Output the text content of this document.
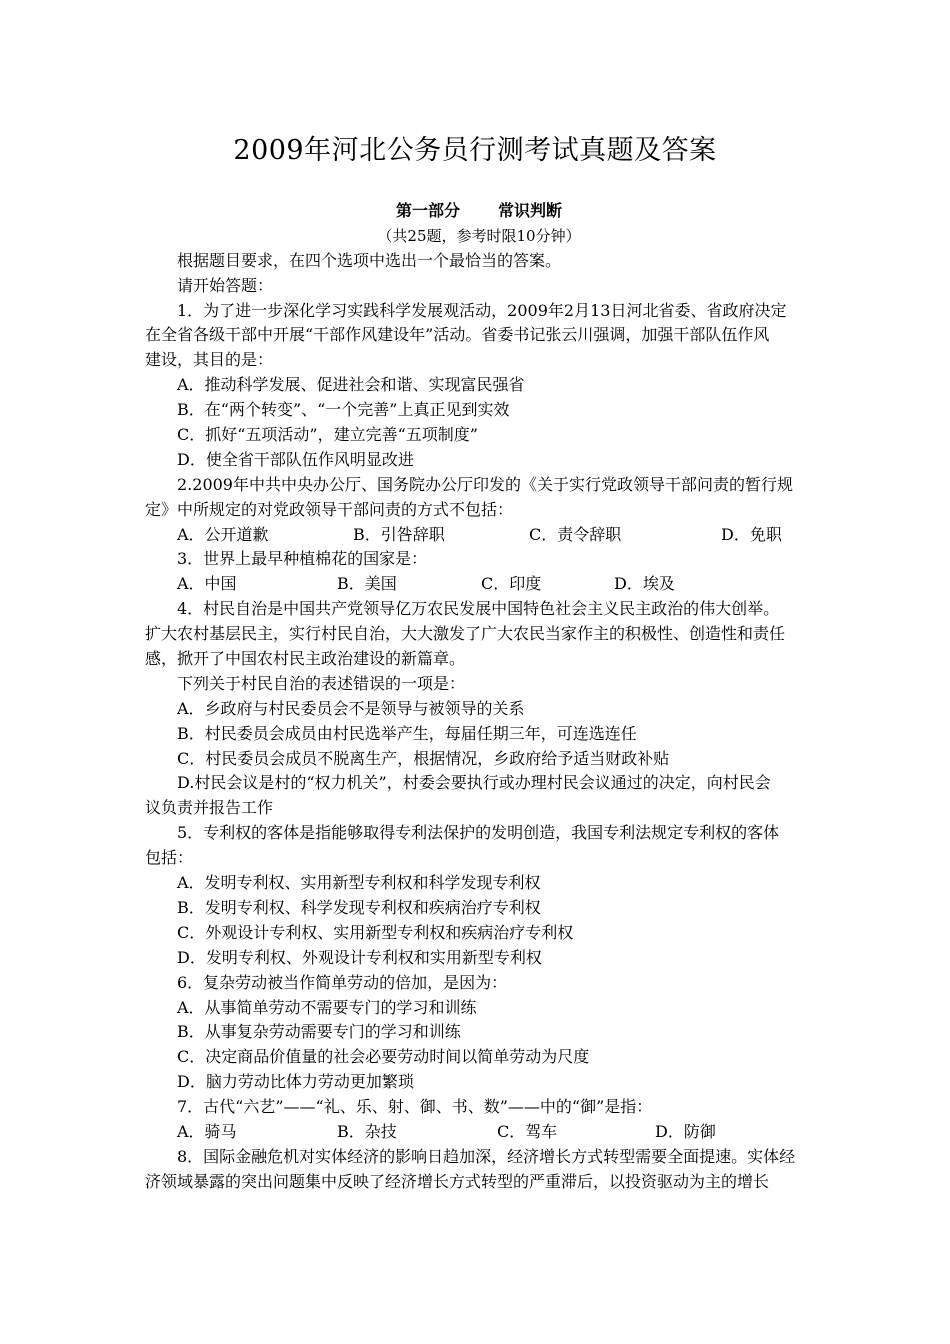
2009年河北公务员行测考试真题及答案
第一部分 常识判断
（共25题，参考时限10分钟）
根据题目要求，在四个选项中选出一个最恰当的答案。
请开始答题：
1．为了进一步深化学习实践科学发展观活动，2009年2月13日河北省委、省政府决定
在全省各级干部中开展“干部作风建设年”活动。省委书记张云川强调，加强干部队伍作风
建设，其目的是：
A．推动科学发展、促进社会和谐、实现富民强省
B．在“两个转变”、“一个完善”上真正见到实效
C．抓好“五项活动”，建立完善“五项制度”
D．使全省干部队伍作风明显改进
2.2009年中共中央办公厅、国务院办公厅印发的《关于实行党政领导干部问责的暂行规
定》中所规定的对党政领导干部问责的方式不包括：
A．公开道歉	B．引咎辞职	C．责令辞职	D．免职
3．世界上最早种植棉花的国家是：
A．中国	B．美国	C．印度	D．埃及
4．村民自治是中国共产党领导亿万农民发展中国特色社会主义民主政治的伟大创举。
扩大农村基层民主，实行村民自治，大大激发了广大农民当家作主的积极性、创造性和责任
感，掀开了中国农村民主政治建设的新篇章。
下列关于村民自治的表述错误的一项是：
A．乡政府与村民委员会不是领导与被领导的关系
B．村民委员会成员由村民选举产生，每届任期三年，可连选连任
C．村民委员会成员不脱离生产，根据情况，乡政府给予适当财政补贴
D.村民会议是村的“权力机关”，村委会要执行或办理村民会议通过的决定，向村民会
议负责并报告工作
5．专利权的客体是指能够取得专利法保护的发明创造，我国专利法规定专利权的客体
包括：
A．发明专利权、实用新型专利权和科学发现专利权
B．发明专利权、科学发现专利权和疾病治疗专利权
C．外观设计专利权、实用新型专利权和疾病治疗专利权
D．发明专利权、外观设计专利权和实用新型专利权
6．复杂劳动被当作简单劳动的倍加，是因为：
A．从事简单劳动不需要专门的学习和训练
B．从事复杂劳动需要专门的学习和训练
C．决定商品价值量的社会必要劳动时间以简单劳动为尺度
D．脑力劳动比体力劳动更加繁琐
7．古代“六艺”——“礼、乐、射、御、书、数”——中的“御”是指：
A．骑马	B．杂技	C．驾车	D．防御
8．国际金融危机对实体经济的影响日趋加深，经济增长方式转型需要全面提速。实体经
济领域暴露的突出问题集中反映了经济增长方式转型的严重滞后，以投资驱动为主的增长
